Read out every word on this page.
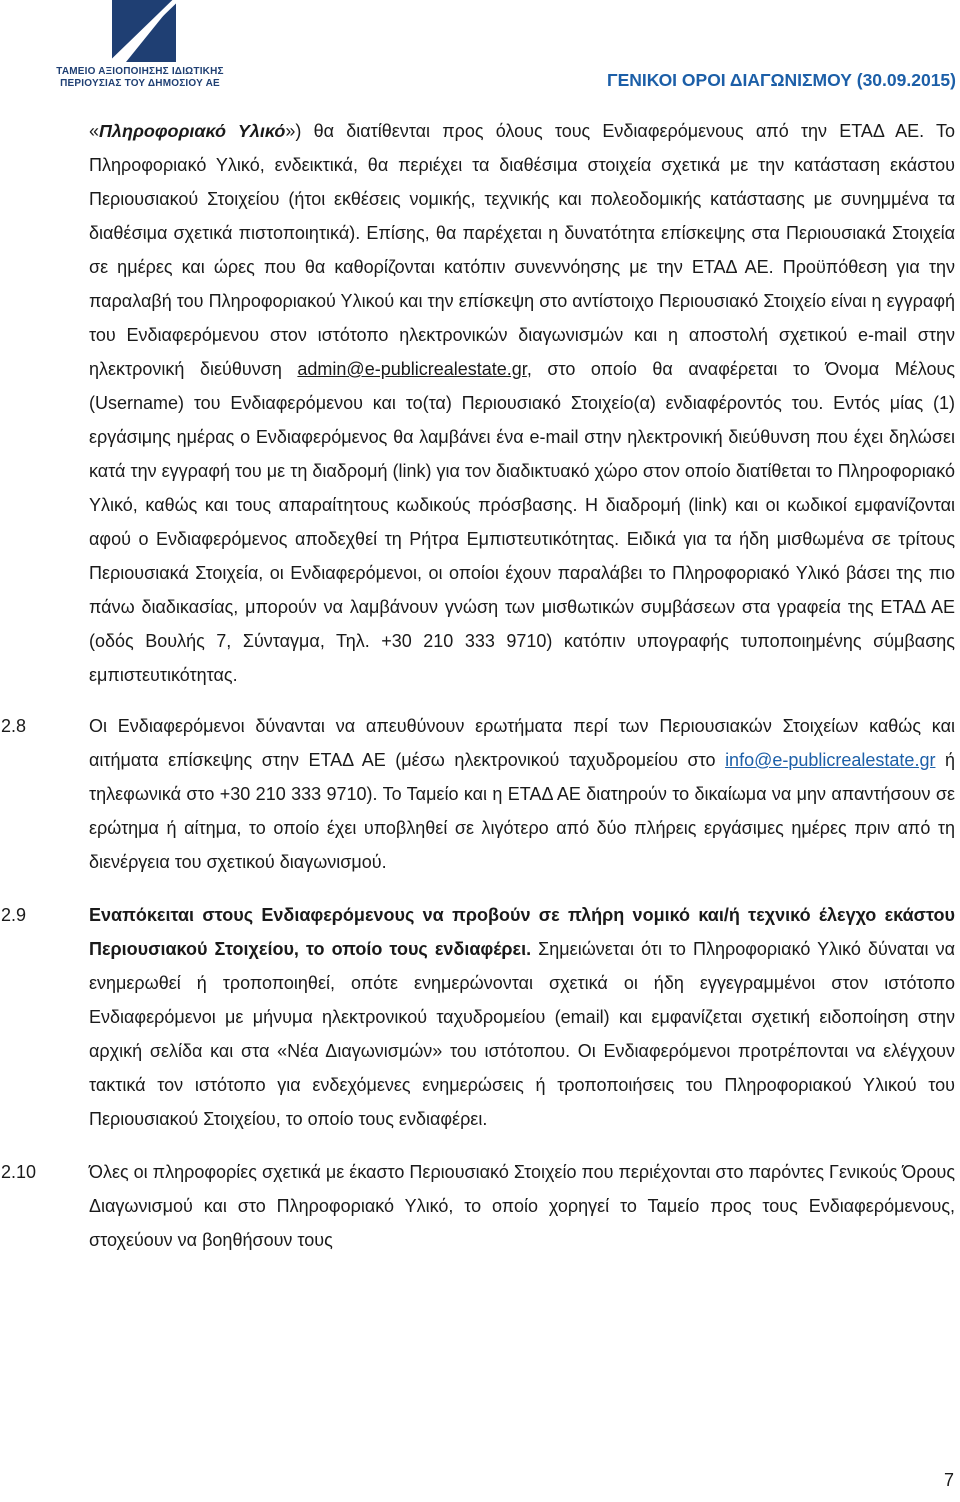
ΤΑΜΕΙΟ ΑΞΙΟΠΟΙΗΣΗΣ ΙΔΙΩΤΙΚΗΣ
ΠΕΡΙΟΥΣΙΑΣ ΤΟΥ ΔΗΜΟΣΙΟΥ ΑΕ	ΓΕΝΙΚΟΙ ΟΡΟΙ ΔΙΑΓΩΝΙΣΜΟΥ (30.09.2015)

«Πληροφοριακό Υλικό») θα διατίθενται προς όλους τους Ενδιαφερόμενους από την ΕΤΑΔ ΑΕ. Το Πληροφοριακό Υλικό, ενδεικτικά, θα περιέχει τα διαθέσιμα στοιχεία σχετικά με την κατάσταση εκάστου Περιουσιακού Στοιχείου (ήτοι εκθέσεις νομικής, τεχνικής και πολεοδομικής κατάστασης με συνημμένα τα διαθέσιμα σχετικά πιστοποιητικά). Επίσης, θα παρέχεται η δυνατότητα επίσκεψης στα Περιουσιακά Στοιχεία σε ημέρες και ώρες που θα καθορίζονται κατόπιν συνεννόησης με την ΕΤΑΔ ΑΕ. Προϋπόθεση για την παραλαβή του Πληροφοριακού Υλικού και την επίσκεψη στο αντίστοιχο Περιουσιακό Στοιχείο είναι η εγγραφή του Ενδιαφερόμενου στον ιστότοπο ηλεκτρονικών διαγωνισμών και η αποστολή σχετικού e-mail στην ηλεκτρονική διεύθυνση admin@e-publicrealestate.gr, στο οποίο θα αναφέρεται το Όνομα Μέλους (Username) του Ενδιαφερόμενου και το(τα) Περιουσιακό Στοιχείο(α) ενδιαφέροντός του. Εντός μίας (1) εργάσιμης ημέρας ο Ενδιαφερόμενος θα λαμβάνει ένα e-mail στην ηλεκτρονική διεύθυνση που έχει δηλώσει κατά την εγγραφή του με τη διαδρομή (link) για τον διαδικτυακό χώρο στον οποίο διατίθεται το Πληροφοριακό Υλικό, καθώς και τους απαραίτητους κωδικούς πρόσβασης. Η διαδρομή (link) και οι κωδικοί εμφανίζονται αφού ο Ενδιαφερόμενος αποδεχθεί τη Ρήτρα Εμπιστευτικότητας. Ειδικά για τα ήδη μισθωμένα σε τρίτους Περιουσιακά Στοιχεία, οι Ενδιαφερόμενοι, οι οποίοι έχουν παραλάβει το Πληροφοριακό Υλικό βάσει της πιο πάνω διαδικασίας, μπορούν να λαμβάνουν γνώση των μισθωτικών συμβάσεων στα γραφεία της ΕΤΑΔ ΑΕ (οδός Βουλής 7, Σύνταγμα, Τηλ. +30 210 333 9710) κατόπιν υπογραφής τυποποιημένης σύμβασης εμπιστευτικότητας.

2.8	Οι Ενδιαφερόμενοι δύνανται να απευθύνουν ερωτήματα περί των Περιουσιακών Στοιχείων καθώς και αιτήματα επίσκεψης στην ΕΤΑΔ ΑΕ (μέσω ηλεκτρονικού ταχυδρομείου στο info@e-publicrealestate.gr ή τηλεφωνικά στο +30 210 333 9710). Το Ταμείο και η ΕΤΑΔ ΑΕ διατηρούν το δικαίωμα να μην απαντήσουν σε ερώτημα ή αίτημα, το οποίο έχει υποβληθεί σε λιγότερο από δύο πλήρεις εργάσιμες ημέρες πριν από τη διενέργεια του σχετικού διαγωνισμού.

2.9	Εναπόκειται στους Ενδιαφερόμενους να προβούν σε πλήρη νομικό και/ή τεχνικό έλεγχο εκάστου Περιουσιακού Στοιχείου, το οποίο τους ενδιαφέρει. Σημειώνεται ότι το Πληροφοριακό Υλικό δύναται να ενημερωθεί ή τροποποιηθεί, οπότε ενημερώνονται σχετικά οι ήδη εγγεγραμμένοι στον ιστότοπο Ενδιαφερόμενοι με μήνυμα ηλεκτρονικού ταχυδρομείου (email) και εμφανίζεται σχετική ειδοποίηση στην αρχική σελίδα και στα «Νέα Διαγωνισμών» του ιστότοπου. Οι Ενδιαφερόμενοι προτρέπονται να ελέγχουν τακτικά τον ιστότοπο για ενδεχόμενες ενημερώσεις ή τροποποιήσεις του Πληροφοριακού Υλικού του Περιουσιακού Στοιχείου, το οποίο τους ενδιαφέρει.

2.10	Όλες οι πληροφορίες σχετικά με έκαστο Περιουσιακό Στοιχείο που περιέχονται στο παρόντες Γενικούς Όρους Διαγωνισμού και στο Πληροφοριακό Υλικό, το οποίο χορηγεί το Ταμείο προς τους Ενδιαφερόμενους, στοχεύουν να βοηθήσουν τους

7
